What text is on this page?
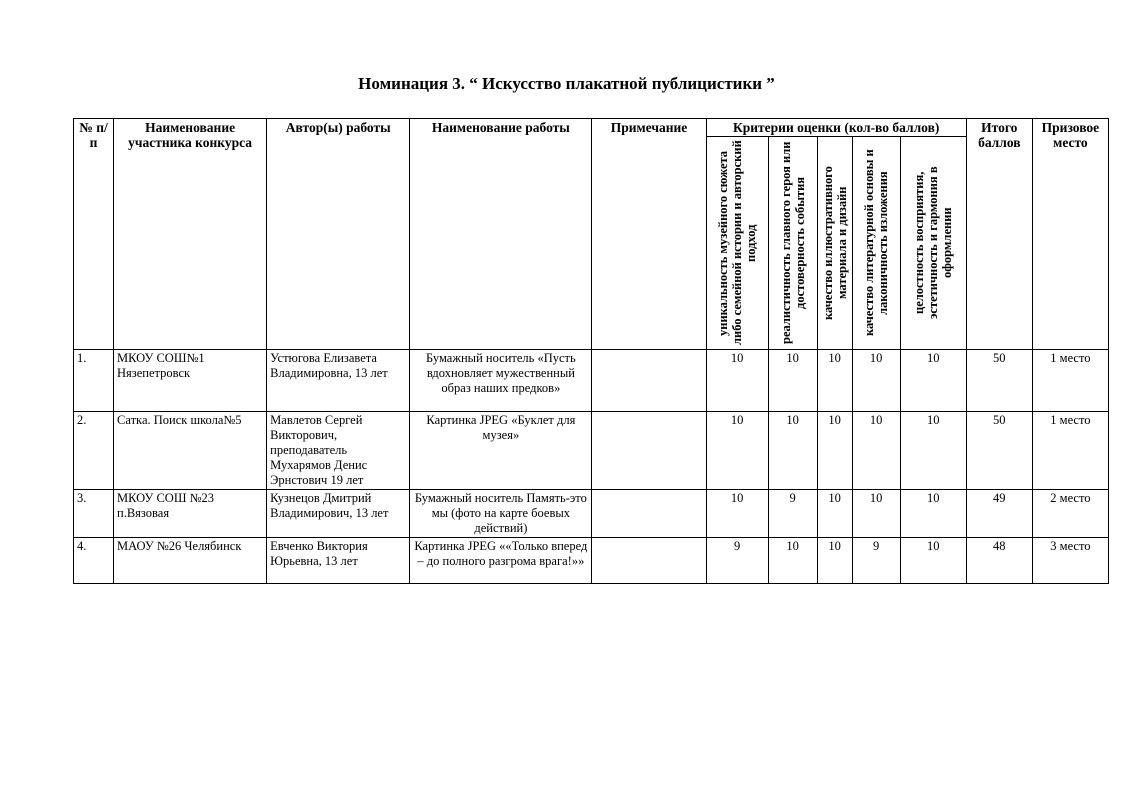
Номинация 3. “ Искусство плакатной публицистики ”
№ п/п	Наименование участника конкурса	Автор(ы) работы	Наименование работы	Примечание	Критерии оценки (кол-во баллов)					Итого баллов	Призовое место

					уникальность музейного сюжета либо семейной истории и авторский подход	реалистичность главного героя или достоверность события	качество иллюстративного материала и дизайн	качество литературной основы и лаконичность изложения	целостность восприятия, эстетичность и гармония в оформлении		

1.	МКОУ СОШ№1 Нязепетровск	Устюгова Елизавета Владимировна, 13 лет	Бумажный носитель «Пусть вдохновляет мужественный образ наших предков»		10	10	10	10	10	50	1 место
2.	Сатка. Поиск школа№5	Мавлетов Сергей Викторович, преподаватель Мухарямов Денис Эрнстович 19 лет	Картинка JPEG «Буклет для музея»		10	10	10	10	10	50	1 место
3.	МКОУ СОШ №23 п.Вязовая	Кузнецов Дмитрий Владимирович, 13 лет	Бумажный носитель Память-это мы (фото на карте боевых действий)		10	9	10	10	10	49	2 место
4.	МАОУ №26 Челябинск	Евченко Виктория Юрьевна, 13 лет	Картинка JPEG ««Только вперед – до полного разгрома врага!»»		9	10	10	9	10	48	3 место
